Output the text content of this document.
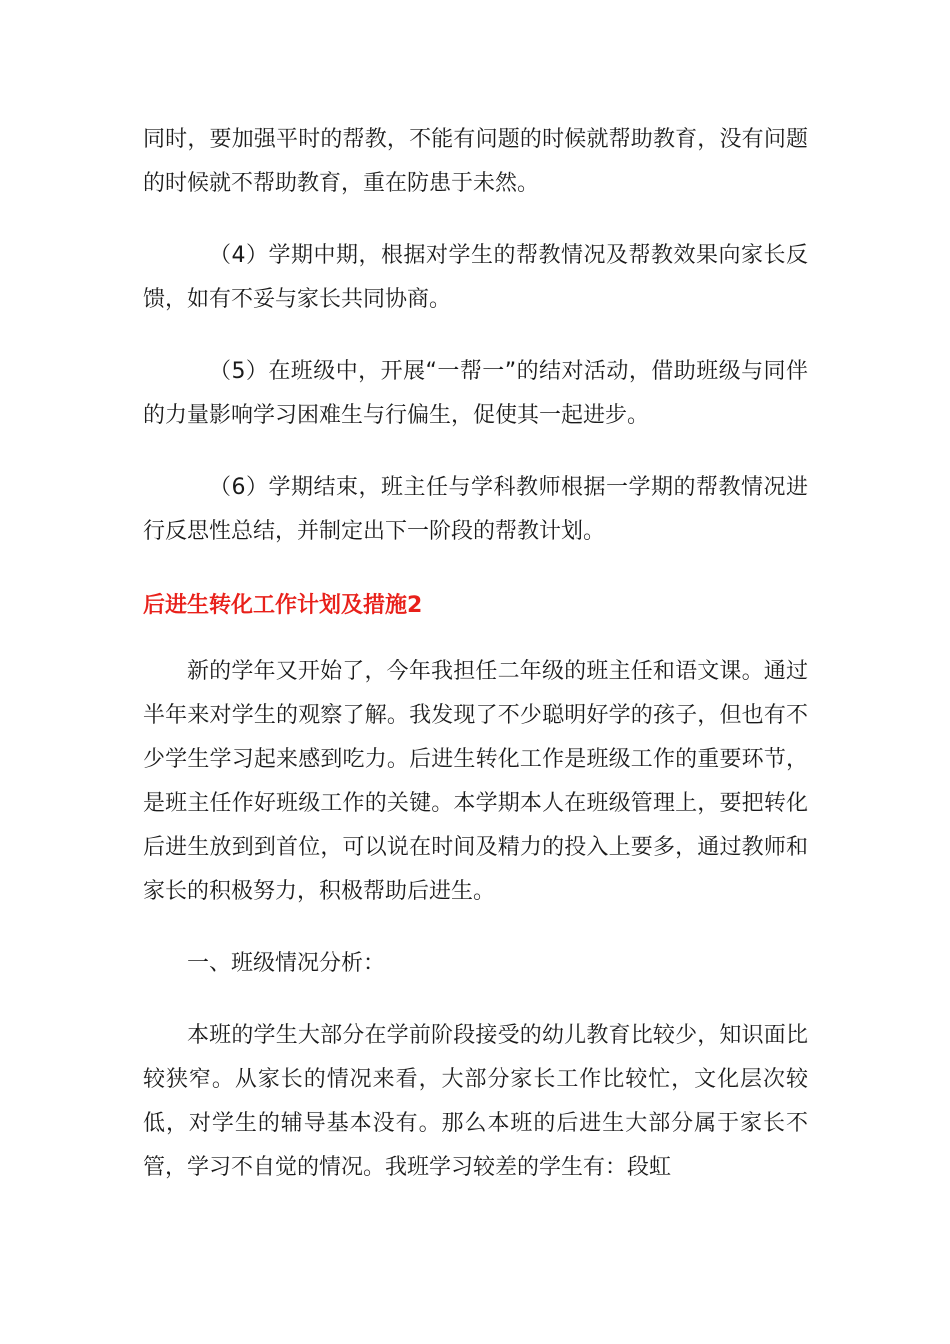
同时，要加强平时的帮教，不能有问题的时候就帮助教育，没有问题的时候就不帮助教育，重在防患于未然。

（4）学期中期，根据对学生的帮教情况及帮教效果向家长反馈，如有不妥与家长共同协商。

（5）在班级中，开展“一帮一”的结对活动，借助班级与同伴的力量影响学习困难生与行偏生，促使其一起进步。

（6）学期结束，班主任与学科教师根据一学期的帮教情况进行反思性总结，并制定出下一阶段的帮教计划。

后进生转化工作计划及措施2

新的学年又开始了，今年我担任二年级的班主任和语文课。通过半年来对学生的观察了解。我发现了不少聪明好学的孩子，但也有不少学生学习起来感到吃力。后进生转化工作是班级工作的重要环节，是班主任作好班级工作的关键。本学期本人在班级管理上，要把转化后进生放到到首位，可以说在时间及精力的投入上要多，通过教师和家长的积极努力，积极帮助后进生。

一、班级情况分析：

本班的学生大部分在学前阶段接受的幼儿教育比较少，知识面比较狭窄。从家长的情况来看，大部分家长工作比较忙，文化层次较低，对学生的辅导基本没有。那么本班的后进生大部分属于家长不管，学习不自觉的情况。我班学习较差的学生有：段虹
